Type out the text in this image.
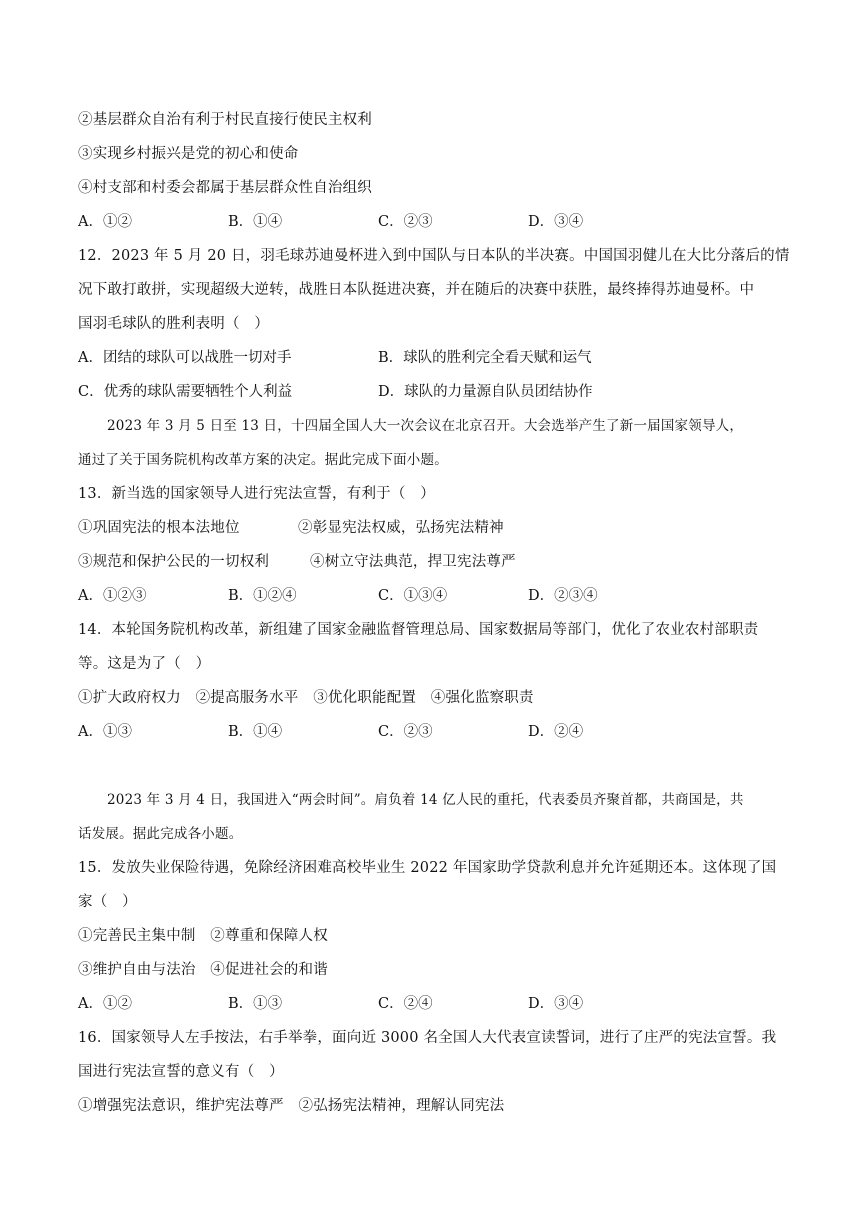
②基层群众自治有利于村民直接行使民主权利
③实现乡村振兴是党的初心和使命
④村支部和村委会都属于基层群众性自治组织
A．①②	B．①④	C．②③	D．③④
12．2023 年 5 月 20 日，羽毛球苏迪曼杯进入到中国队与日本队的半决赛。中国国羽健儿在大比分落后的情
况下敢打敢拼，实现超级大逆转，战胜日本队挺进决赛，并在随后的决赛中获胜，最终捧得苏迪曼杯。中
国羽毛球队的胜利表明（　）
A．团结的球队可以战胜一切对手	B．球队的胜利完全看天赋和运气
C．优秀的球队需要牺牲个人利益	D．球队的力量源自队员团结协作
2023 年 3 月 5 日至 13 日，十四届全国人大一次会议在北京召开。大会选举产生了新一届国家领导人，
通过了关于国务院机构改革方案的决定。据此完成下面小题。
13．新当选的国家领导人进行宪法宣誓，有利于（　）
①巩固宪法的根本法地位	②彰显宪法权威，弘扬宪法精神
③规范和保护公民的一切权利	④树立守法典范，捍卫宪法尊严
A．①②③	B．①②④	C．①③④	D．②③④
14．本轮国务院机构改革，新组建了国家金融监督管理总局、国家数据局等部门，优化了农业农村部职责
等。这是为了（　）
①扩大政府权力　②提高服务水平　③优化职能配置　④强化监察职责
A．①③	B．①④	C．②③	D．②④
2023 年 3 月 4 日，我国进入“两会时间”。肩负着 14 亿人民的重托，代表委员齐聚首都，共商国是，共
话发展。据此完成各小题。
15．发放失业保险待遇，免除经济困难高校毕业生 2022 年国家助学贷款利息并允许延期还本。这体现了国
家（　）
①完善民主集中制　②尊重和保障人权
③维护自由与法治　④促进社会的和谐
A．①②	B．①③	C．②④	D．③④
16．国家领导人左手按法，右手举拳，面向近 3000 名全国人大代表宣读誓词，进行了庄严的宪法宣誓。我
国进行宪法宣誓的意义有（　）
①增强宪法意识，维护宪法尊严　②弘扬宪法精神，理解认同宪法
